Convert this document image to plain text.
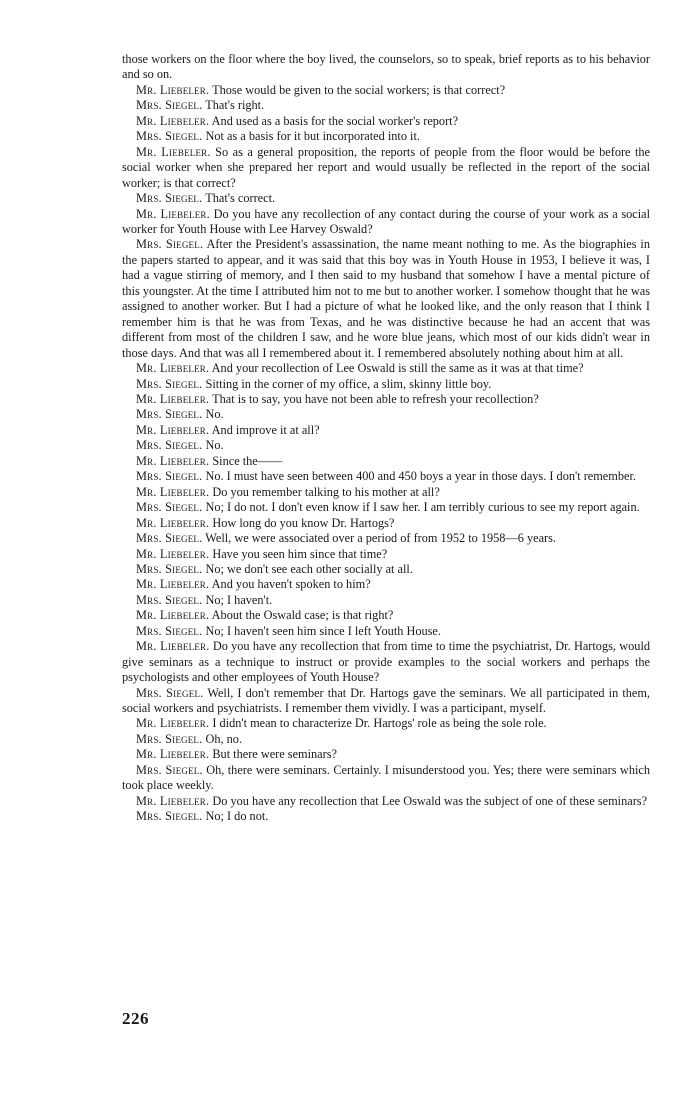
those workers on the floor where the boy lived, the counselors, so to speak, brief reports as to his behavior and so on.

Mr. Liebeler. Those would be given to the social workers; is that correct?

Mrs. Siegel. That's right.

Mr. Liebeler. And used as a basis for the social worker's report?

Mrs. Siegel. Not as a basis for it but incorporated into it.

Mr. Liebeler. So as a general proposition, the reports of people from the floor would be before the social worker when she prepared her report and would usually be reflected in the report of the social worker; is that correct?

Mrs. Siegel. That's correct.

Mr. Liebeler. Do you have any recollection of any contact during the course of your work as a social worker for Youth House with Lee Harvey Oswald?

Mrs. Siegel. After the President's assassination, the name meant nothing to me. As the biographies in the papers started to appear, and it was said that this boy was in Youth House in 1953, I believe it was, I had a vague stirring of memory, and I then said to my husband that somehow I have a mental picture of this youngster. At the time I attributed him not to me but to another worker. I somehow thought that he was assigned to another worker. But I had a picture of what he looked like, and the only reason that I think I remember him is that he was from Texas, and he was distinctive because he had an accent that was different from most of the children I saw, and he wore blue jeans, which most of our kids didn't wear in those days. And that was all I remembered about it. I remembered absolutely nothing about him at all.

Mr. Liebeler. And your recollection of Lee Oswald is still the same as it was at that time?

Mrs. Siegel. Sitting in the corner of my office, a slim, skinny little boy.

Mr. Liebeler. That is to say, you have not been able to refresh your recollection?

Mrs. Siegel. No.

Mr. Liebeler. And improve it at all?

Mrs. Siegel. No.

Mr. Liebeler. Since the——

Mrs. Siegel. No. I must have seen between 400 and 450 boys a year in those days. I don't remember.

Mr. Liebeler. Do you remember talking to his mother at all?

Mrs. Siegel. No; I do not. I don't even know if I saw her. I am terribly curious to see my report again.

Mr. Liebeler. How long do you know Dr. Hartogs?

Mrs. Siegel. Well, we were associated over a period of from 1952 to 1958—6 years.

Mr. Liebeler. Have you seen him since that time?

Mrs. Siegel. No; we don't see each other socially at all.

Mr. Liebeler. And you haven't spoken to him?

Mrs. Siegel. No; I haven't.

Mr. Liebeler. About the Oswald case; is that right?

Mrs. Siegel. No; I haven't seen him since I left Youth House.

Mr. Liebeler. Do you have any recollection that from time to time the psychiatrist, Dr. Hartogs, would give seminars as a technique to instruct or provide examples to the social workers and perhaps the psychologists and other employees of Youth House?

Mrs. Siegel. Well, I don't remember that Dr. Hartogs gave the seminars. We all participated in them, social workers and psychiatrists. I remember them vividly. I was a participant, myself.

Mr. Liebeler. I didn't mean to characterize Dr. Hartogs' role as being the sole role.

Mrs. Siegel. Oh, no.

Mr. Liebeler. But there were seminars?

Mrs. Siegel. Oh, there were seminars. Certainly. I misunderstood you. Yes; there were seminars which took place weekly.

Mr. Liebeler. Do you have any recollection that Lee Oswald was the subject of one of these seminars?

Mrs. Siegel. No; I do not.

226
